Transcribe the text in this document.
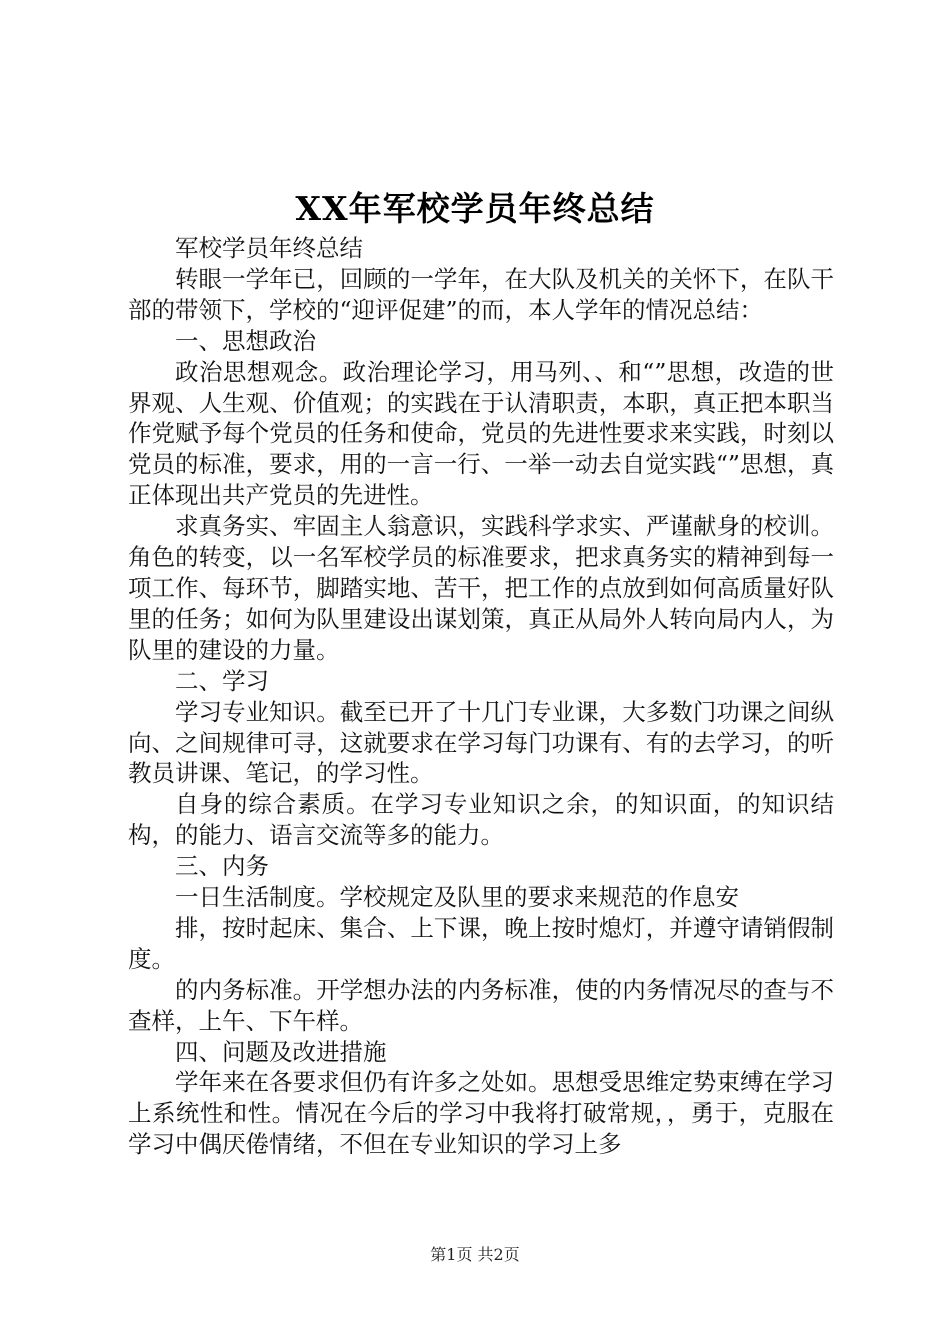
XX年军校学员年终总结

军校学员年终总结

转眼一学年已，回顾的一学年，在大队及机关的关怀下，在队干部的带领下，学校的“迎评促建”的而，本人学年的情况总结：

一、思想政治

政治思想观念。政治理论学习，用马列、、和“”思想，改造的世界观、人生观、价值观；的实践在于认清职责，本职，真正把本职当作党赋予每个党员的任务和使命，党员的先进性要求来实践，时刻以党员的标准，要求，用的一言一行、一举一动去自觉实践“”思想，真正体现出共产党员的先进性。

求真务实、牢固主人翁意识，实践科学求实、严谨献身的校训。角色的转变，以一名军校学员的标准要求，把求真务实的精神到每一项工作、每环节，脚踏实地、苦干，把工作的点放到如何高质量好队里的任务；如何为队里建设出谋划策，真正从局外人转向局内人，为队里的建设的力量。

二、学习

学习专业知识。截至已开了十几门专业课，大多数门功课之间纵向、之间规律可寻，这就要求在学习每门功课有、有的去学习，的听教员讲课、笔记，的学习性。

自身的综合素质。在学习专业知识之余，的知识面，的知识结构，的能力、语言交流等多的能力。

三、内务

一日生活制度。学校规定及队里的要求来规范的作息安

排，按时起床、集合、上下课，晚上按时熄灯，并遵守请销假制度。

的内务标准。开学想办法的内务标准，使的内务情况尽的查与不查样，上午、下午样。

四、问题及改进措施

学年来在各要求但仍有许多之处如。思想受思维定势束缚在学习上系统性和性。情况在今后的学习中我将打破常规，，勇于，克服在学习中偶厌倦情绪，不但在专业知识的学习上多

第1页 共2页
